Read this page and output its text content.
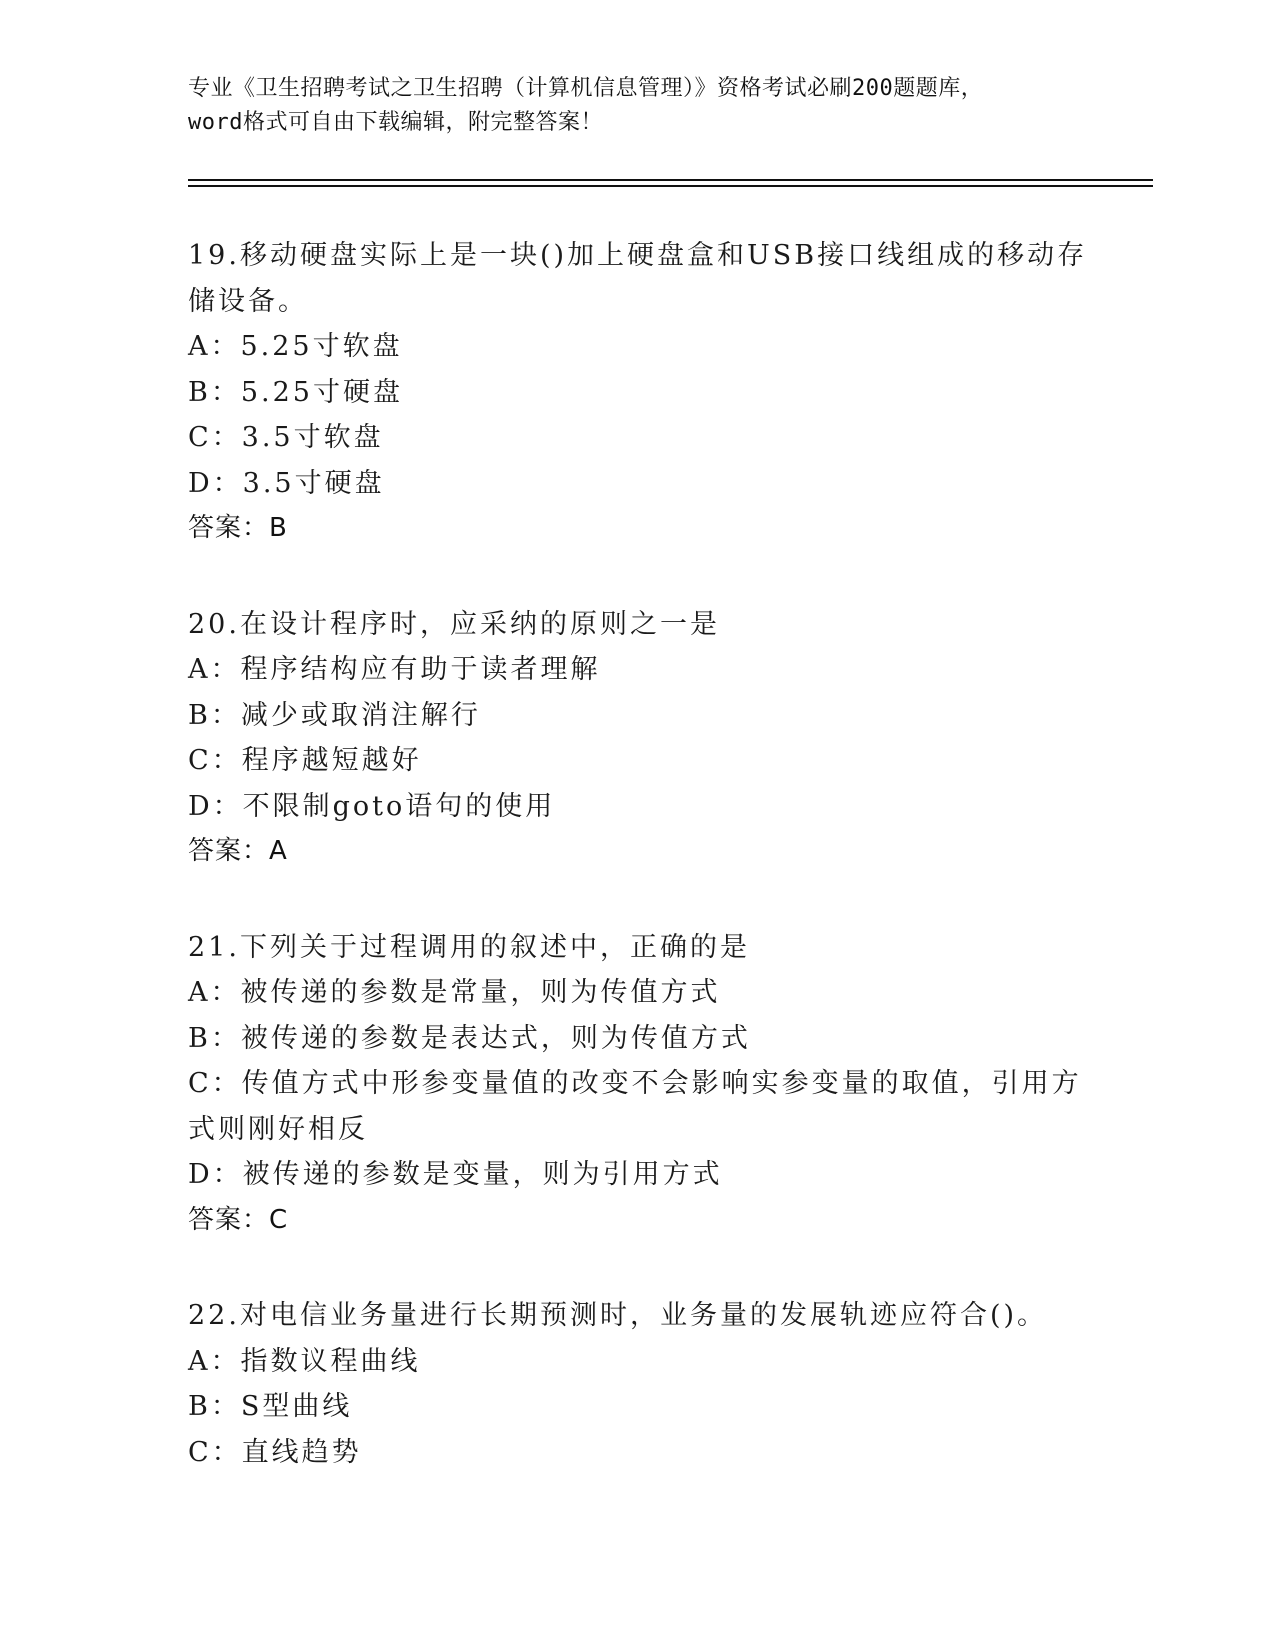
专业《卫生招聘考试之卫生招聘（计算机信息管理）》资格考试必刷200题题库，
word格式可自由下载编辑，附完整答案！
19.移动硬盘实际上是一块()加上硬盘盒和USB接口线组成的移动存储设备。
A：5.25寸软盘
B：5.25寸硬盘
C：3.5寸软盘
D：3.5寸硬盘
答案：B
20.在设计程序时，应采纳的原则之一是
A：程序结构应有助于读者理解
B：减少或取消注解行
C：程序越短越好
D：不限制goto语句的使用
答案：A
21.下列关于过程调用的叙述中，正确的是
A：被传递的参数是常量，则为传值方式
B：被传递的参数是表达式，则为传值方式
C：传值方式中形参变量值的改变不会影响实参变量的取值，引用方式则刚好相反
D：被传递的参数是变量，则为引用方式
答案：C
22.对电信业务量进行长期预测时，业务量的发展轨迹应符合()。
A：指数议程曲线
B：S型曲线
C：直线趋势
